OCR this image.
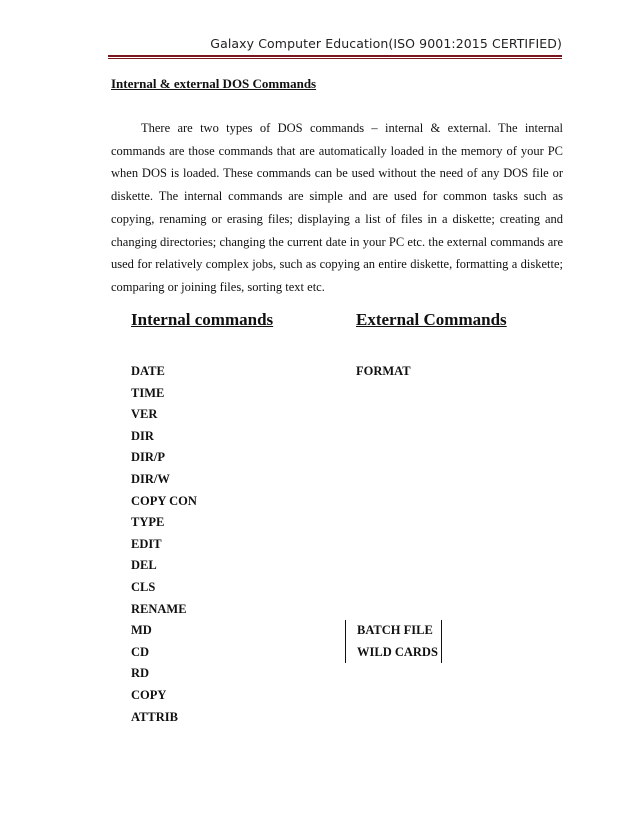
Galaxy Computer Education(ISO 9001:2015 CERTIFIED)
Internal & external DOS Commands

There are two types of DOS commands – internal & external. The internal commands are those commands that are automatically loaded in the memory of your PC when DOS is loaded. These commands can be used without the need of any DOS file or diskette. The internal commands are simple and are used for common tasks such as copying, renaming or erasing files; displaying a list of files in a diskette; creating and changing directories; changing the current date in your PC etc. the external commands are used for relatively complex jobs, such as copying an entire diskette, formatting a diskette; comparing or joining files, sorting text etc.

Internal commands	External Commands
DATE
TIME
VER
DIR
DIR/P
DIR/W
COPY CON
TYPE
EDIT
DEL
CLS
RENAME
MD
CD
RD
COPY
ATTRIB
FORMAT
BATCH FILE
WILD CARDS
